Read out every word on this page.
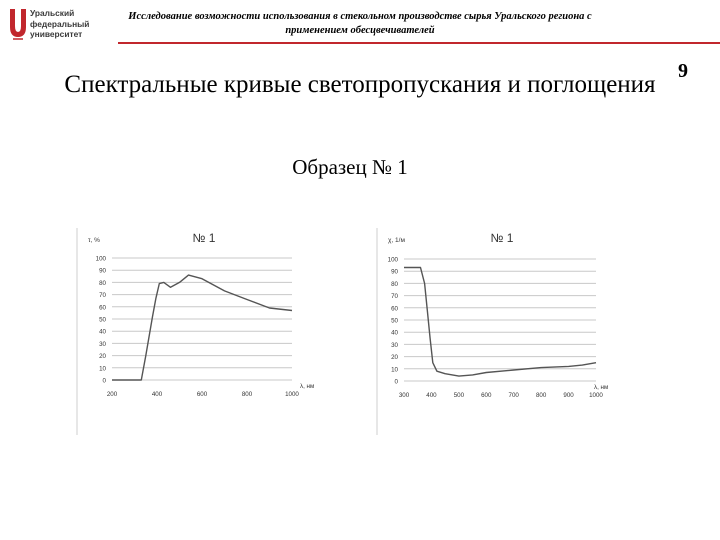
Уральский
федеральный
университет
Исследование возможности использования в стекольном производстве сырья Уральского региона с применением обесцвечивателей
9
Спектральные кривые светопропускания и поглощения
Образец № 1
0
10
20
30
40
50
60
70
80
90
100
200	400	600	800	1000
№ 1
τ, %
λ, нм
0
10
20
30
40
50
60
70
80
90
100
300	400	500	600	700	800	900 1000
№ 1
χ, 1/м
λ, нм
